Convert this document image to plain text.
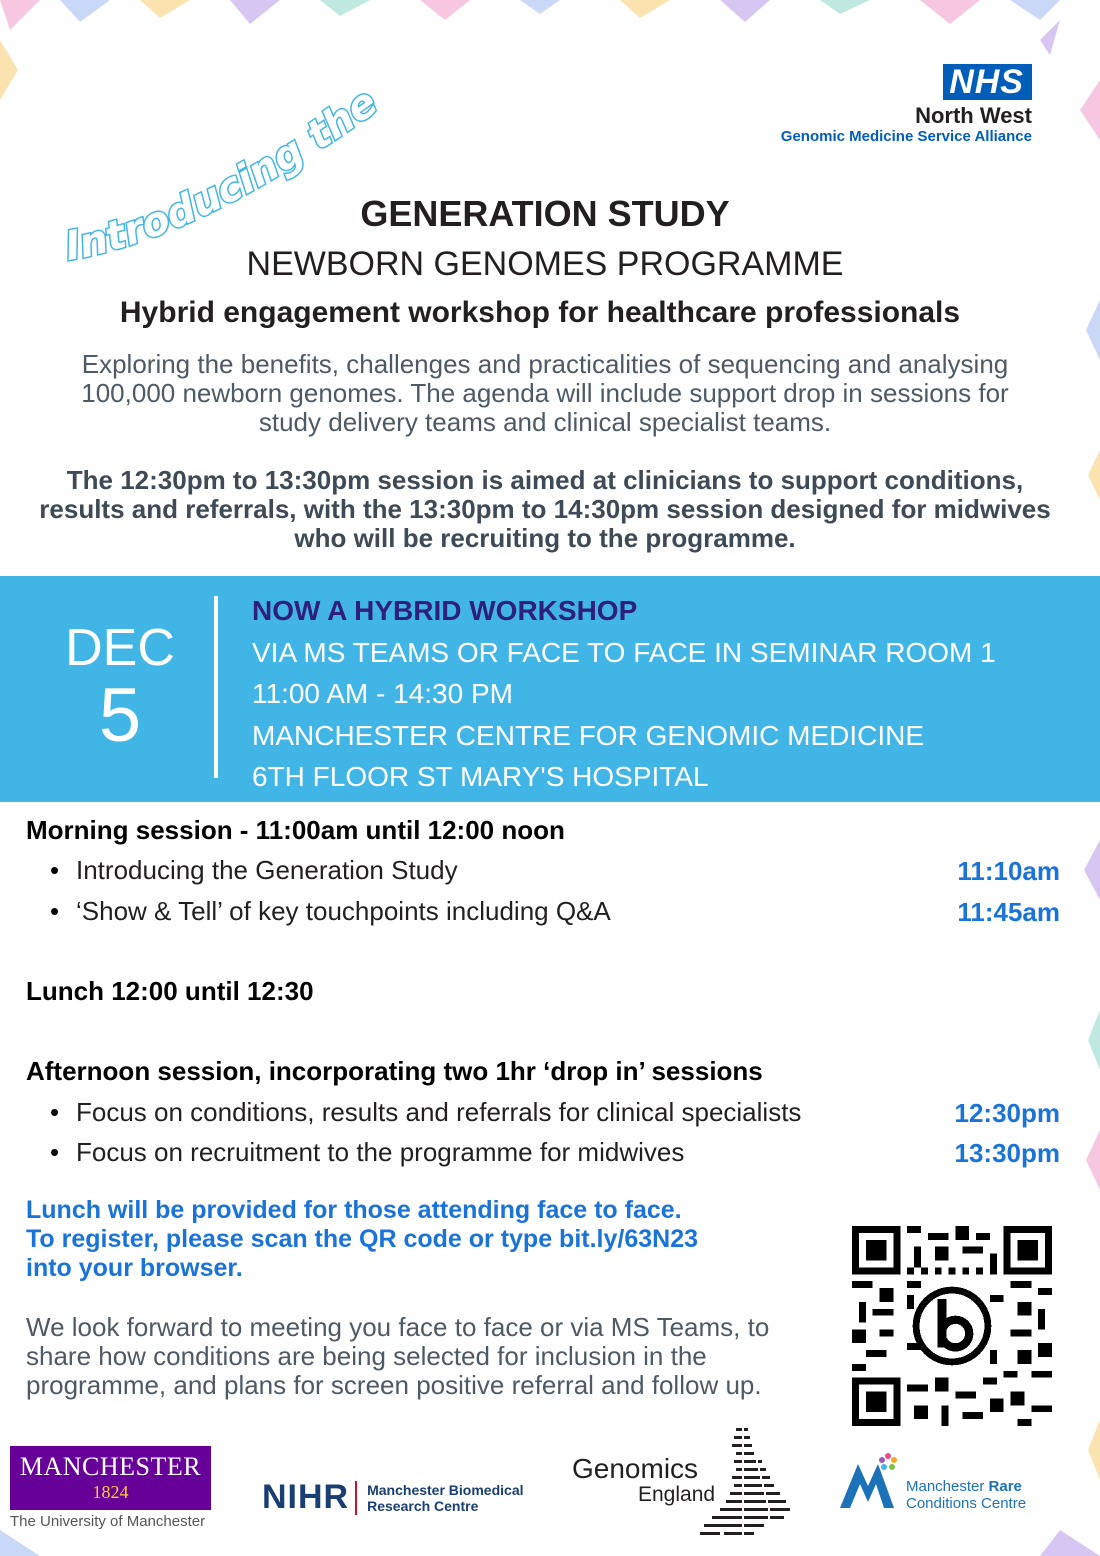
NHS
North West
Genomic Medicine Service Alliance
Introducing the
GENERATION STUDY
NEWBORN GENOMES PROGRAMME
Hybrid engagement workshop for healthcare professionals
Exploring the benefits, challenges and practicalities of sequencing and analysing 100,000 newborn genomes. The agenda will include support drop in sessions for study delivery teams and clinical specialist teams.
The 12:30pm to 13:30pm session is aimed at clinicians to support conditions, results and referrals, with the 13:30pm to 14:30pm session designed for midwives who will be recruiting to the programme.
DEC
5
NOW A HYBRID WORKSHOP
VIA MS TEAMS OR FACE TO FACE IN SEMINAR ROOM 1
11:00 AM - 14:30 PM
MANCHESTER CENTRE FOR GENOMIC MEDICINE
6TH FLOOR ST MARY'S HOSPITAL
Morning session - 11:00am until 12:00 noon
• Introducing the Generation Study	11:10am
• ‘Show & Tell’ of key touchpoints including Q&A	11:45am
Lunch 12:00 until 12:30
Afternoon session, incorporating two 1hr ‘drop in’ sessions
• Focus on conditions, results and referrals for clinical specialists	12:30pm
• Focus on recruitment to the programme for midwives	13:30pm
Lunch will be provided for those attending face to face.
To register, please scan the QR code or type bit.ly/63N23
into your browser.
We look forward to meeting you face to face or via MS Teams, to share how conditions are being selected for inclusion in the programme, and plans for screen positive referral and follow up.
MANCHESTER
1824
The University of Manchester
NIHR Manchester Biomedical
Research Centre
Genomics
England	Manchester Rare
Conditions Centre
